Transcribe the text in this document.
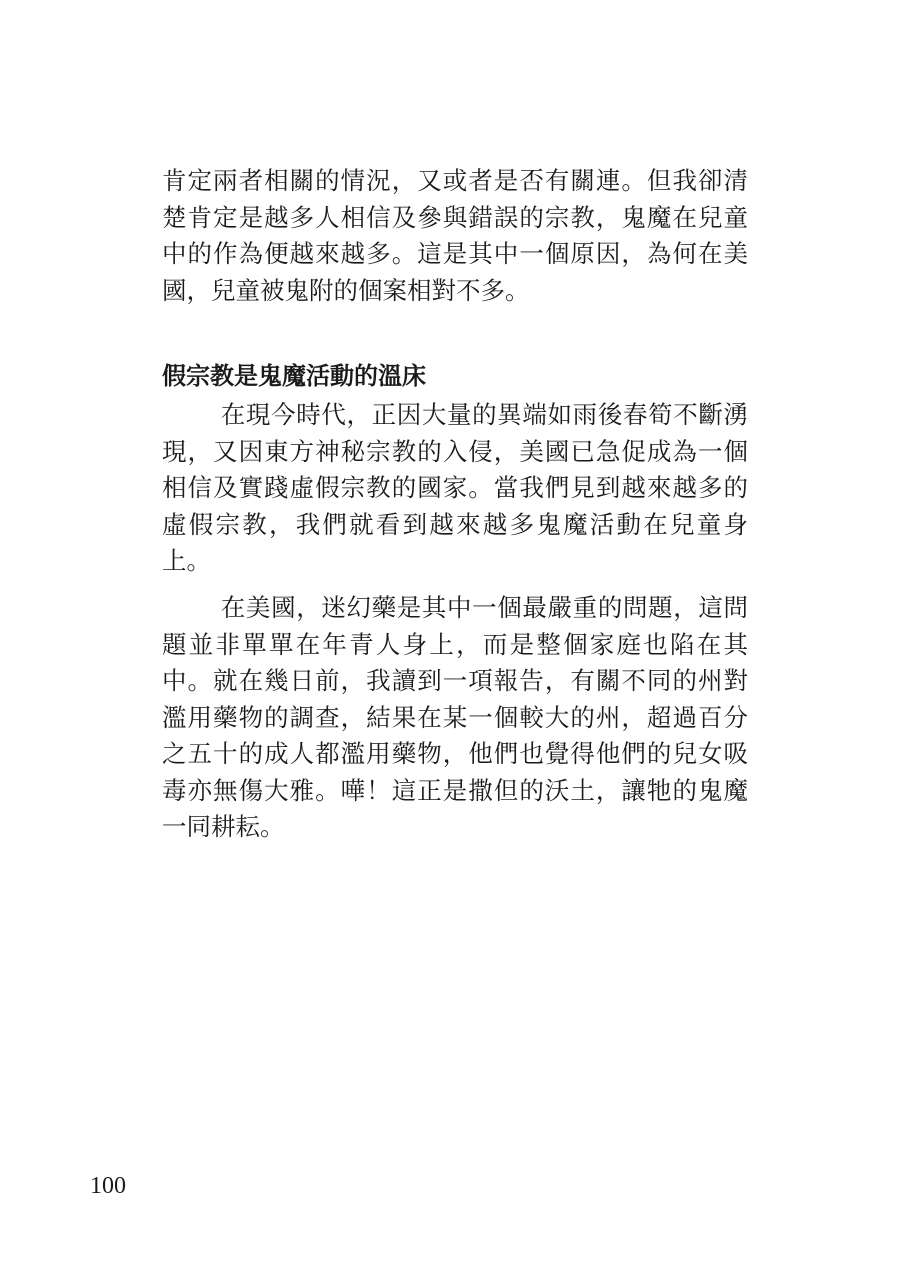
肯定兩者相關的情況，又或者是否有關連。但我卻清楚肯定是越多人相信及參與錯誤的宗教，鬼魔在兒童中的作為便越來越多。這是其中一個原因，為何在美國，兒童被鬼附的個案相對不多。

假宗教是鬼魔活動的溫床

在現今時代，正因大量的異端如雨後春筍不斷湧現，又因東方神秘宗教的入侵，美國已急促成為一個相信及實踐虛假宗教的國家。當我們見到越來越多的虛假宗教，我們就看到越來越多鬼魔活動在兒童身上。

在美國，迷幻藥是其中一個最嚴重的問題，這問題並非單單在年青人身上，而是整個家庭也陷在其中。就在幾日前，我讀到一項報告，有關不同的州對濫用藥物的調查，結果在某一個較大的州，超過百分之五十的成人都濫用藥物，他們也覺得他們的兒女吸毒亦無傷大雅。嘩！這正是撒但的沃土，讓牠的鬼魔一同耕耘。

100
